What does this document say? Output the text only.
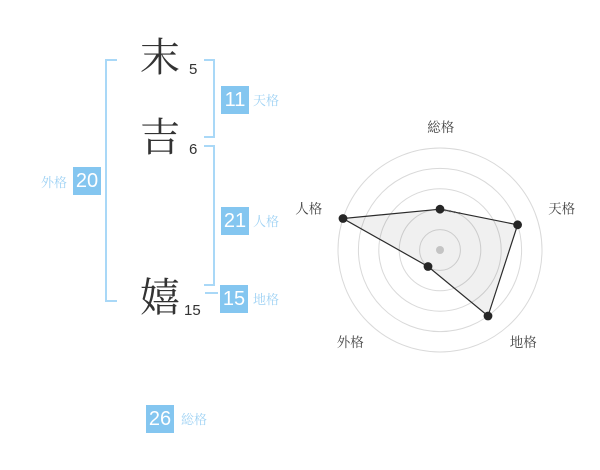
末
吉
嬉
5
6
15
11 天格
21 人格
15 地格
20
外格
26 総格
総格
天格
地格
外格
人格
